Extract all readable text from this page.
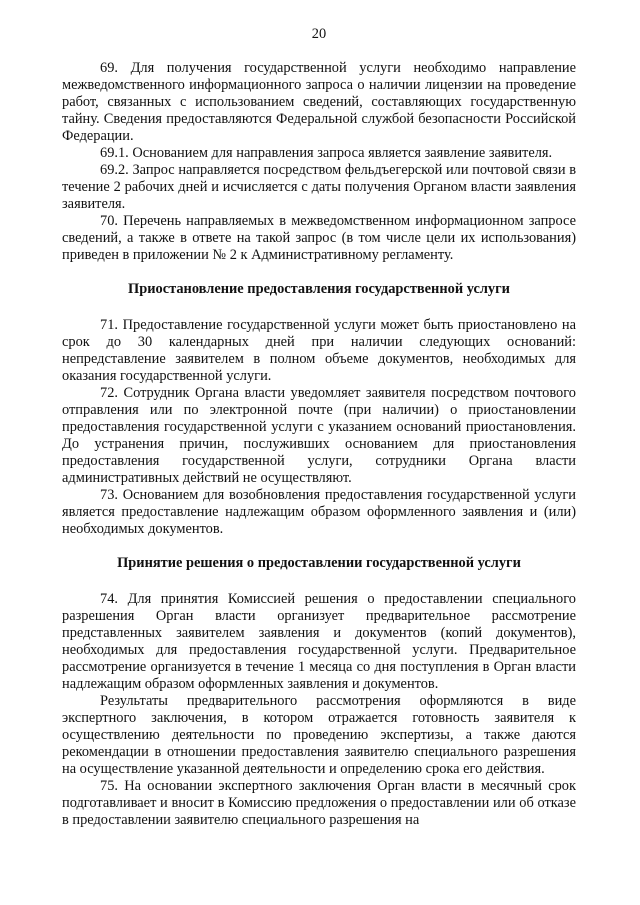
20

69. Для получения государственной услуги необходимо направление межведомственного информационного запроса о наличии лицензии на проведение работ, связанных с использованием сведений, составляющих государственную тайну. Сведения предоставляются Федеральной службой безопасности Российской Федерации.

69.1. Основанием для направления запроса является заявление заявителя.

69.2. Запрос направляется посредством фельдъегерской или почтовой связи в течение 2 рабочих дней и исчисляется с даты получения Органом власти заявления заявителя.

70. Перечень направляемых в межведомственном информационном запросе сведений, а также в ответе на такой запрос (в том числе цели их использования) приведен в приложении № 2 к Административному регламенту.

Приостановление предоставления государственной услуги

71. Предоставление государственной услуги может быть приостановлено на срок до 30 календарных дней при наличии следующих оснований: непредставление заявителем в полном объеме документов, необходимых для оказания государственной услуги.

72. Сотрудник Органа власти уведомляет заявителя посредством почтового отправления или по электронной почте (при наличии) о приостановлении предоставления государственной услуги с указанием оснований приостановления. До устранения причин, послуживших основанием для приостановления предоставления государственной услуги, сотрудники Органа власти административных действий не осуществляют.

73. Основанием для возобновления предоставления государственной услуги является предоставление надлежащим образом оформленного заявления и (или) необходимых документов.

Принятие решения о предоставлении государственной услуги

74. Для принятия Комиссией решения о предоставлении специального разрешения Орган власти организует предварительное рассмотрение представленных заявителем заявления и документов (копий документов), необходимых для предоставления государственной услуги. Предварительное рассмотрение организуется в течение 1 месяца со дня поступления в Орган власти надлежащим образом оформленных заявления и документов.

Результаты предварительного рассмотрения оформляются в виде экспертного заключения, в котором отражается готовность заявителя к осуществлению деятельности по проведению экспертизы, а также даются рекомендации в отношении предоставления заявителю специального разрешения на осуществление указанной деятельности и определению срока его действия.

75. На основании экспертного заключения Орган власти в месячный срок подготавливает и вносит в Комиссию предложения о предоставлении или об отказе в предоставлении заявителю специального разрешения на
